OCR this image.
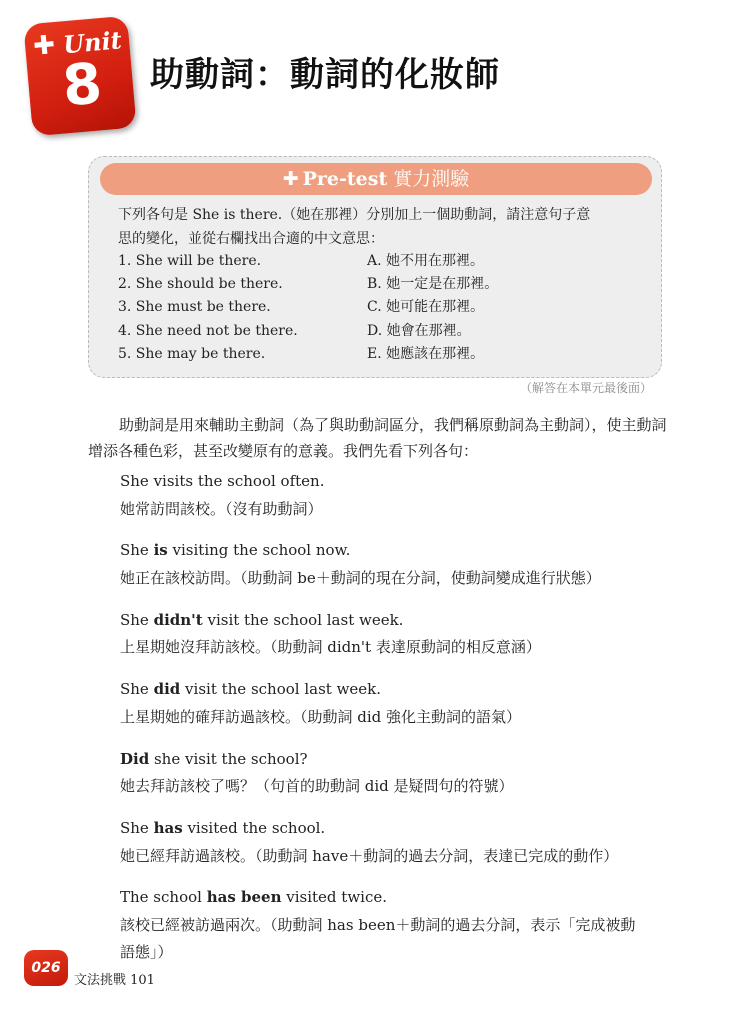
✚ Unit
8 助動詞：動詞的化妝師
✚ Pre-test 實力測驗
下列各句是 She is there.（她在那裡）分別加上一個助動詞，請注意句子意
思的變化，並從右欄找出合適的中文意思：
1. She will be there.
2. She should be there.
3. She must be there.
4. She need not be there.
5. She may be there.
A. 她不用在那裡。
B. 她一定是在那裡。
C. 她可能在那裡。
D. 她會在那裡。
E. 她應該在那裡。
（解答在本單元最後面）
助動詞是用來輔助主動詞（為了與助動詞區分，我們稱原動詞為主動詞），使主動詞增添各種色彩，甚至改變原有的意義。我們先看下列各句：
She visits the school often.
她常訪問該校。（沒有助動詞）
She is visiting the school now.
她正在該校訪問。（助動詞 be＋動詞的現在分詞，使動詞變成進行狀態）
She didn't visit the school last week.
上星期她沒拜訪該校。（助動詞 didn't 表達原動詞的相反意涵）
She did visit the school last week.
上星期她的確拜訪過該校。（助動詞 did 強化主動詞的語氣）
Did she visit the school?
她去拜訪該校了嗎？（句首的助動詞 did 是疑問句的符號）
She has visited the school.
她已經拜訪過該校。（助動詞 have＋動詞的過去分詞，表達已完成的動作）
The school has been visited twice.
該校已經被訪過兩次。（助動詞 has been＋動詞的過去分詞，表示「完成被動
語態」）
026
文法挑戰 101
